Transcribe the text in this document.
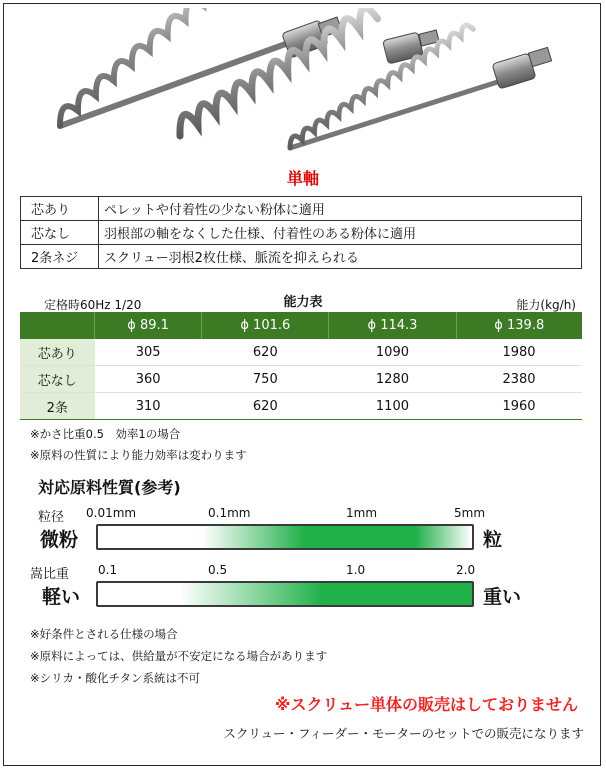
単軸
芯あり	ペレットや付着性の少ない粉体に適用
芯なし	羽根部の軸をなくした仕様、付着性のある粉体に適用
2条ネジ	スクリュー羽根2枚仕様、脈流を抑えられる
定格時60Hz 1/20	能力表	能力(kg/h)
	ϕ 89.1	ϕ 101.6	ϕ 114.3	ϕ 139.8
芯あり	305	620	1090	1980
芯なし	360	750	1280	2380
2条	310	620	1100	1960
※かさ比重0.5　効率1の場合
※原料の性質により能力効率は変わります
対応原料性質(参考)
粒径 0.01mm	0.1mm	1mm	5mm
微粉	粒
嵩比重 0.1	0.5	1.0	2.0
軽い	重い
※好条件とされる仕様の場合
※原料によっては、供給量が不安定になる場合があります
※シリカ・酸化チタン系統は不可
※スクリュー単体の販売はしておりません
スクリュー・フィーダー・モーターのセットでの販売になります
